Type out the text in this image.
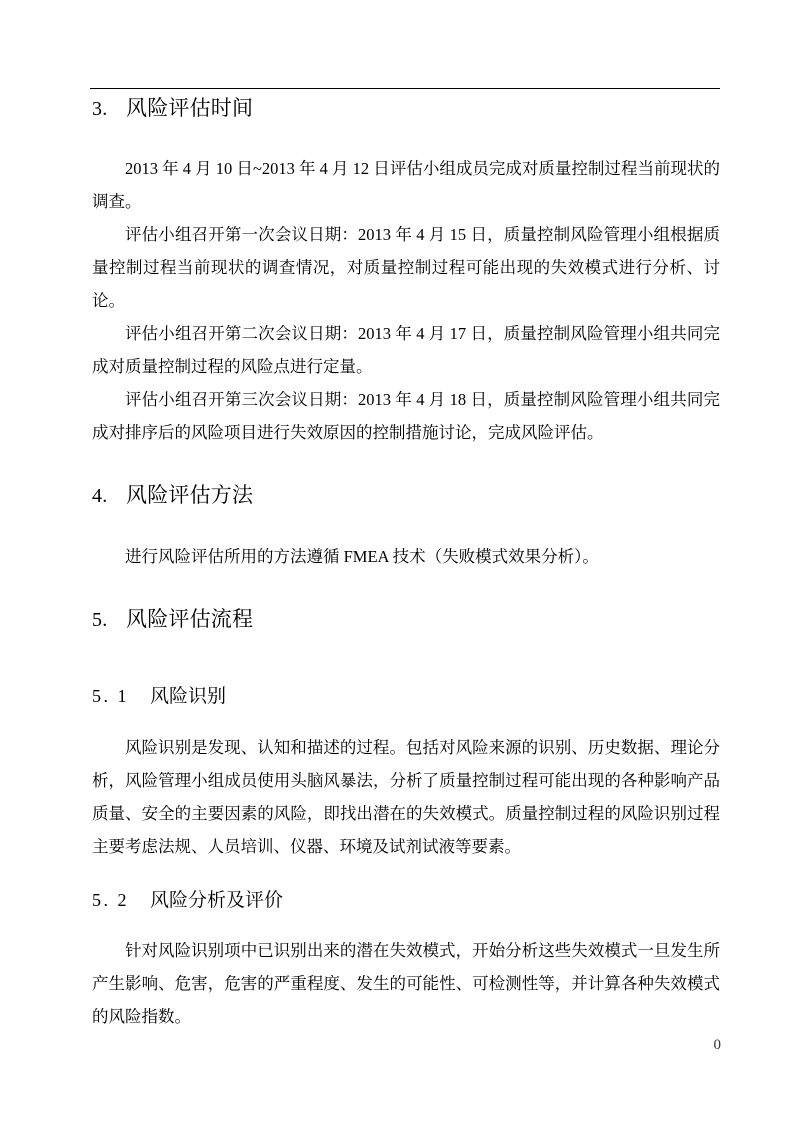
3. 风险评估时间

2013 年 4 月 10 日~2013 年 4 月 12 日评估小组成员完成对质量控制过程当前现状的调查。

评估小组召开第一次会议日期：2013 年 4 月 15 日，质量控制风险管理小组根据质量控制过程当前现状的调查情况，对质量控制过程可能出现的失效模式进行分析、讨论。

评估小组召开第二次会议日期：2013 年 4 月 17 日，质量控制风险管理小组共同完成对质量控制过程的风险点进行定量。

评估小组召开第三次会议日期：2013 年 4 月 18 日，质量控制风险管理小组共同完成对排序后的风险项目进行失效原因的控制措施讨论，完成风险评估。

4. 风险评估方法

进行风险评估所用的方法遵循 FMEA 技术（失败模式效果分析）。

5. 风险评估流程
5. 1 风险识别

风险识别是发现、认知和描述的过程。包括对风险来源的识别、历史数据、理论分析，风险管理小组成员使用头脑风暴法，分析了质量控制过程可能出现的各种影响产品质量、安全的主要因素的风险，即找出潜在的失效模式。质量控制过程的风险识别过程主要考虑法规、人员培训、仪器、环境及试剂试液等要素。

5. 2 风险分析及评价

针对风险识别项中已识别出来的潜在失效模式，开始分析这些失效模式一旦发生所产生影响、危害，危害的严重程度、发生的可能性、可检测性等，并计算各种失效模式的风险指数。

0
